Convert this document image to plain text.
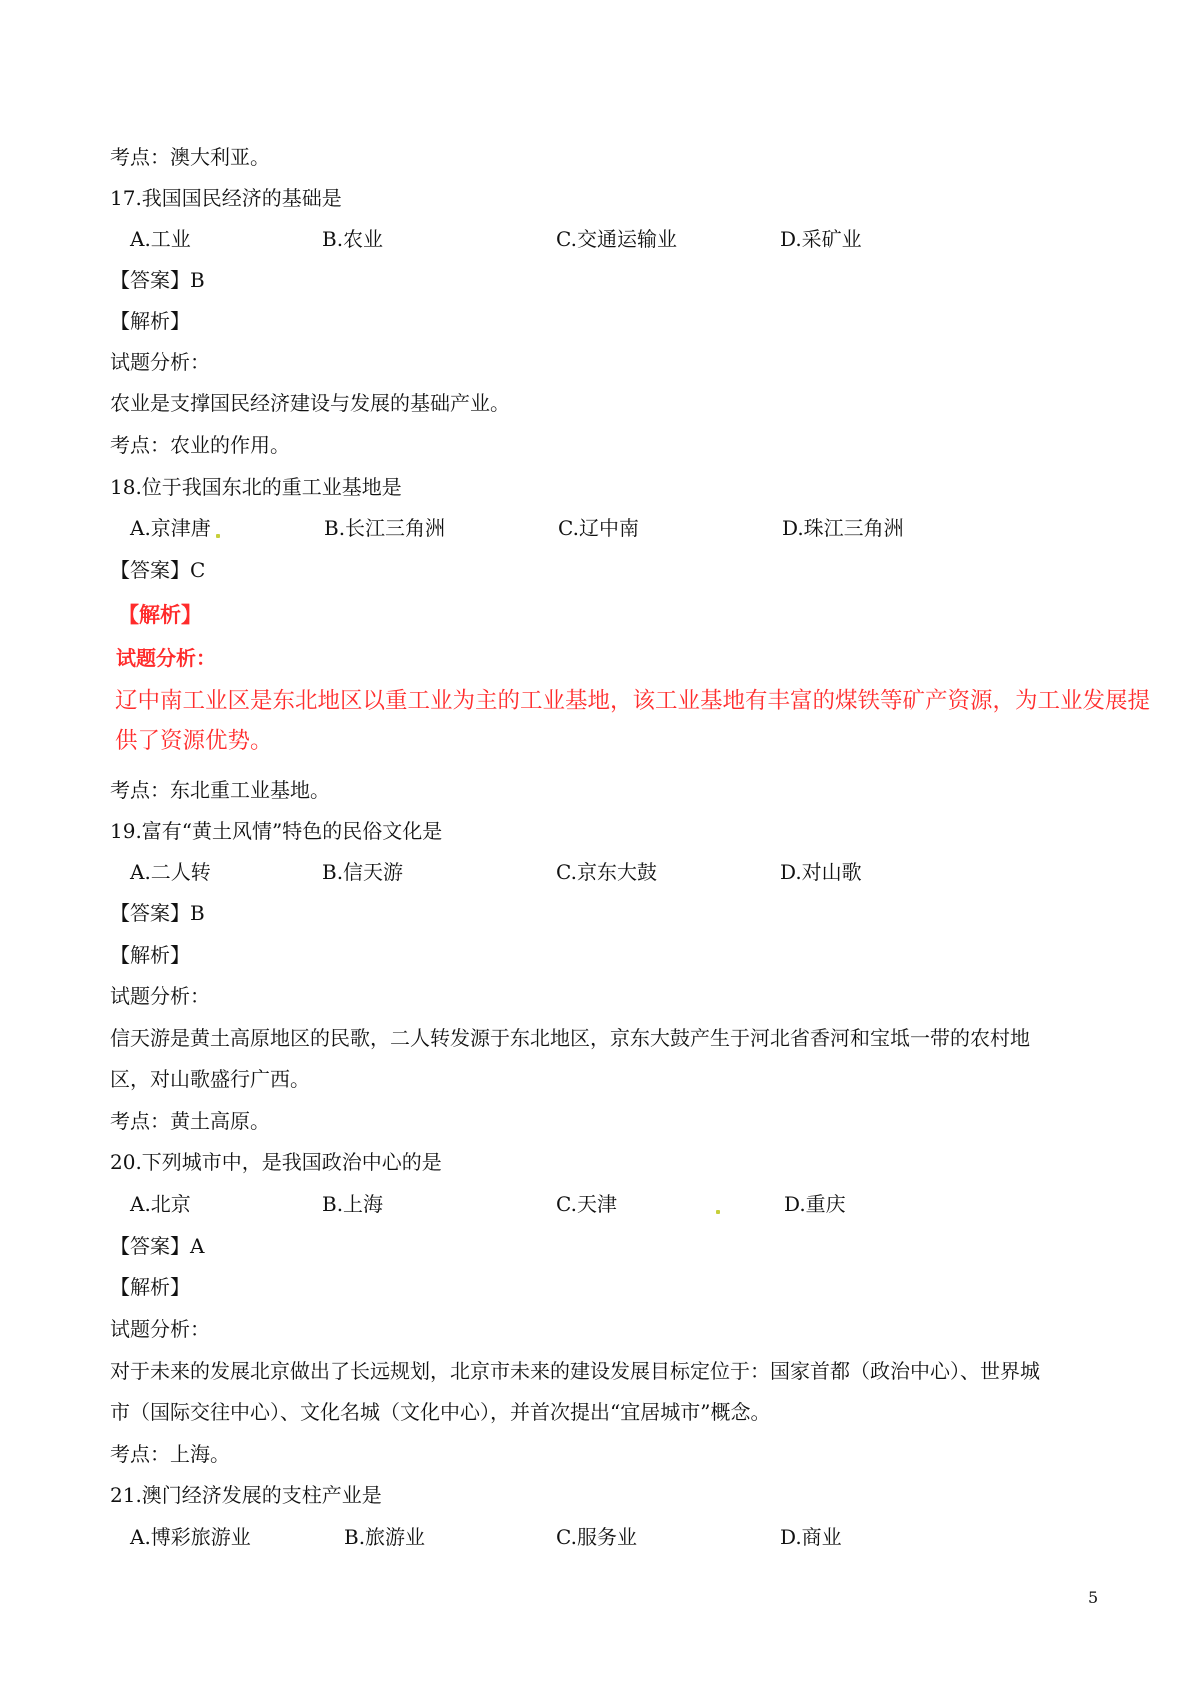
考点：澳大利亚。
17.我国国民经济的基础是
A.工业	B.农业	C.交通运输业	D.采矿业
【答案】B
【解析】
试题分析：
农业是支撑国民经济建设与发展的基础产业。
考点：农业的作用。
18.位于我国东北的重工业基地是
A.京津唐	B.长江三角洲	C.辽中南	D.珠江三角洲
【答案】C
【解析】
试题分析：
辽中南工业区是东北地区以重工业为主的工业基地，该工业基地有丰富的煤铁等矿产资源，为工业发展提
供了资源优势。
考点：东北重工业基地。
19.富有“黄土风情”特色的民俗文化是
A.二人转	B.信天游	C.京东大鼓	D.对山歌
【答案】B
【解析】
试题分析：
信天游是黄土高原地区的民歌，二人转发源于东北地区，京东大鼓产生于河北省香河和宝坻一带的农村地
区，对山歌盛行广西。
考点：黄土高原。
20.下列城市中，是我国政治中心的是
A.北京	B.上海	C.天津	D.重庆
【答案】A
【解析】
试题分析：
对于未来的发展北京做出了长远规划，北京市未来的建设发展目标定位于：国家首都（政治中心）、世界城
市（国际交往中心）、文化名城（文化中心），并首次提出“宜居城市”概念。
考点：上海。
21.澳门经济发展的支柱产业是
A.博彩旅游业	B.旅游业	C.服务业	D.商业
5
